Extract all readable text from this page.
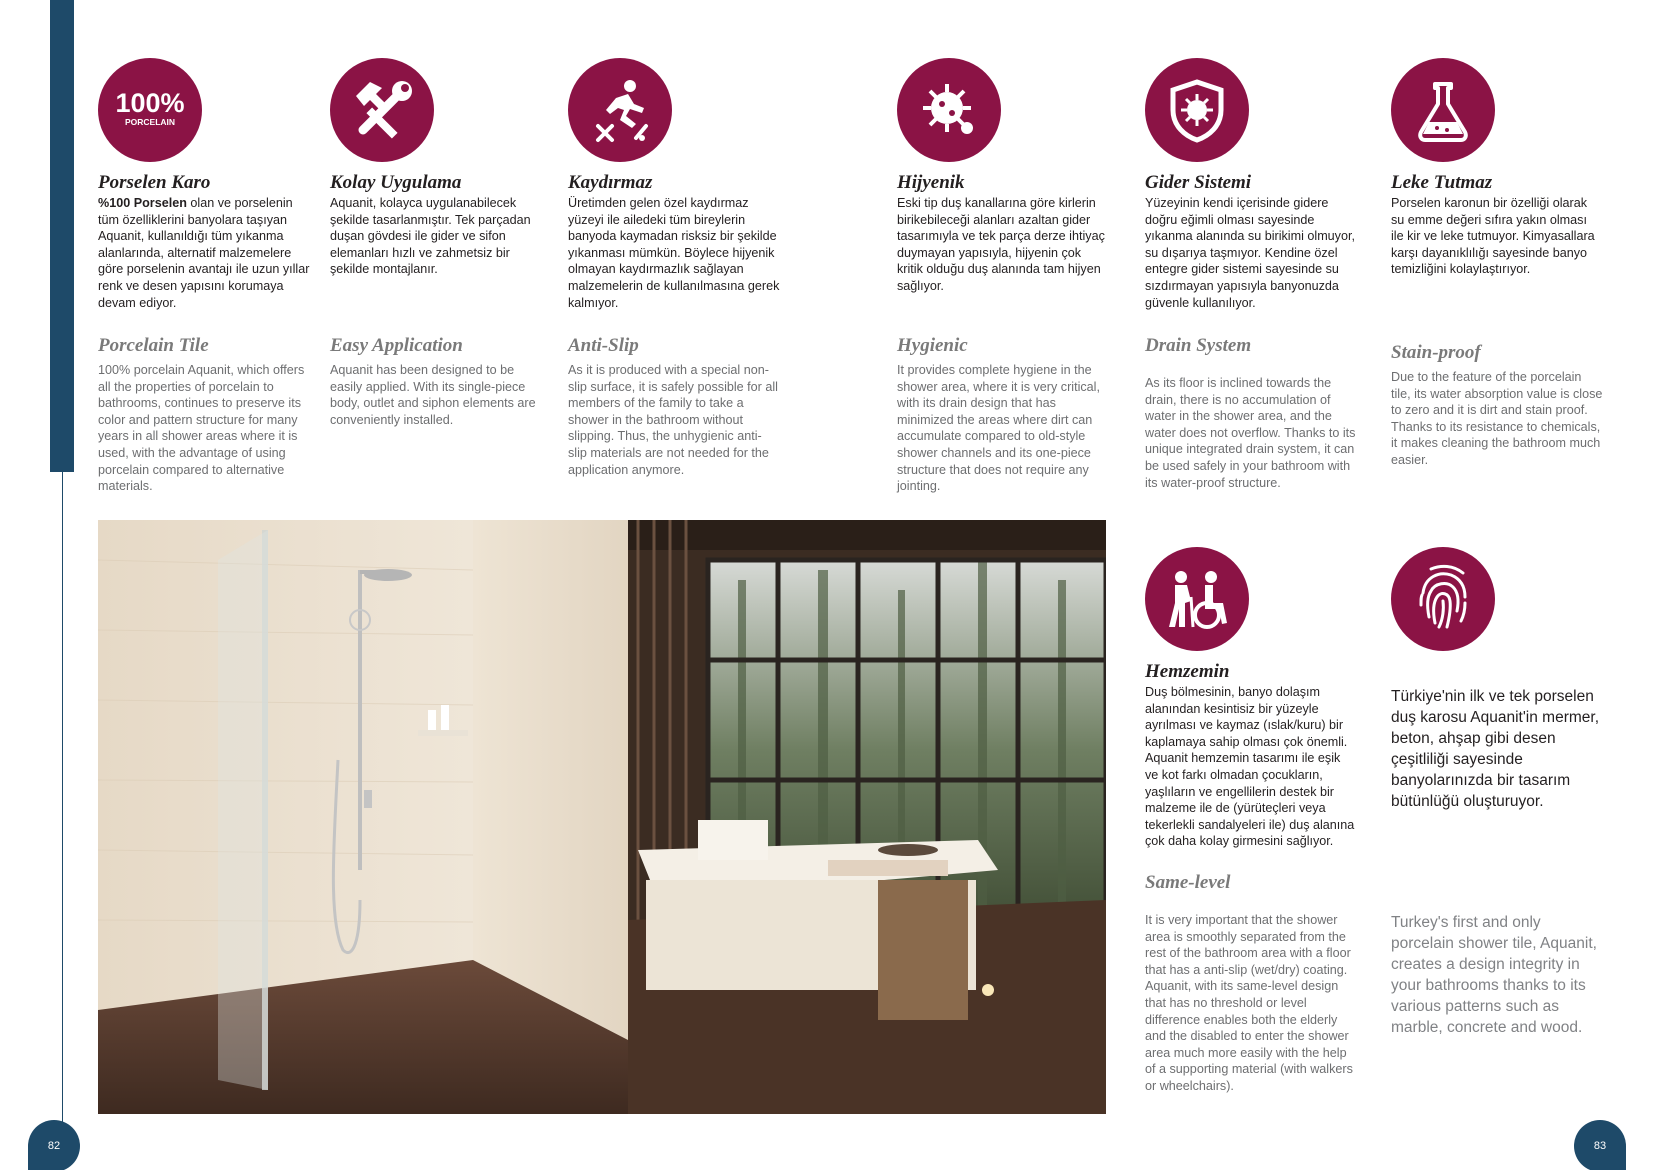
100%
PORCELAIN
Porselen Karo
%100 Porselen olan ve porselenin tüm özelliklerini banyolara taşıyan Aquanit, kullanıldığı tüm yıkanma alanlarında, alternatif malzemelere göre porselenin avantajı ile uzun yıllar renk ve desen yapısını korumaya devam ediyor.
Porcelain Tile
100% porcelain Aquanit, which offers all the properties of porcelain to bathrooms, continues to preserve its color and pattern structure for many years in all shower areas where it is used, with the advantage of using porcelain compared to alternative materials.
Kolay Uygulama
Aquanit, kolayca uygulanabilecek şekilde tasarlanmıştır. Tek parçadan duşan gövdesi ile gider ve sifon elemanları hızlı ve zahmetsiz bir şekilde montajlanır.
Easy Application
Aquanit has been designed to be easily applied. With its single-piece body, outlet and siphon elements are conveniently installed.
Kaydırmaz
Üretimden gelen özel kaydırmaz yüzeyi ile ailedeki tüm bireylerin banyoda kaymadan risksiz bir şekilde yıkanması mümkün. Böylece hijyenik olmayan kaydırmazlık sağlayan malzemelerin de kullanılmasına gerek kalmıyor.
Anti-Slip
As it is produced with a special non-slip surface, it is safely possible for all members of the family to take a shower in the bathroom without slipping. Thus, the unhygienic anti-slip materials are not needed for the application anymore.
Hijyenik
Eski tip duş kanallarına göre kirlerin birikebileceği alanları azaltan gider tasarımıyla ve tek parça derze ihtiyaç duymayan yapısıyla, hijyenin çok kritik olduğu duş alanında tam hijyen sağlıyor.
Hygienic
It provides complete hygiene in the shower area, where it is very critical, with its drain design that has minimized the areas where dirt can accumulate compared to old-style shower channels and its one-piece structure that does not require any jointing.
Gider Sistemi
Yüzeyinin kendi içerisinde gidere doğru eğimli olması sayesinde yıkanma alanında su birikimi olmuyor, su dışarıya taşmıyor. Kendine özel entegre gider sistemi sayesinde su sızdırmayan yapısıyla banyonuzda güvenle kullanılıyor.
Drain System
As its floor is inclined towards the drain, there is no accumulation of water in the shower area, and the water does not overflow. Thanks to its unique integrated drain system, it can be used safely in your bathroom with its water-proof structure.
Leke Tutmaz
Porselen karonun bir özelliği olarak su emme değeri sıfıra yakın olması ile kir ve leke tutmuyor. Kimyasallara karşı dayanıklılığı sayesinde banyo temizliğini kolaylaştırıyor.
Stain-proof
Due to the feature of the porcelain tile, its water absorption value is close to zero and it is dirt and stain proof. Thanks to its resistance to chemicals, it makes cleaning the bathroom much easier.
Hemzemin
Duş bölmesinin, banyo dolaşım alanından kesintisiz bir yüzeyle ayrılması ve kaymaz (ıslak/kuru) bir kaplamaya sahip olması çok önemli. Aquanit hemzemin tasarımı ile eşik ve kot farkı olmadan çocukların, yaşlıların ve engellilerin destek bir malzeme ile de (yürüteçleri veya tekerlekli sandalyeleri ile) duş alanına çok daha kolay girmesini sağlıyor.
Same-level
It is very important that the shower area is smoothly separated from the rest of the bathroom area with a floor that has a anti-slip (wet/dry) coating. Aquanit, with its same-level design that has no threshold or level difference enables both the elderly and the disabled to enter the shower area much more easily with the help of a supporting material (with walkers or wheelchairs).
Türkiye'nin ilk ve tek porselen duş karosu Aquanit'in mermer, beton, ahşap gibi desen çeşitliliği sayesinde banyolarınızda bir tasarım bütünlüğü oluşturuyor.
Turkey's first and only porcelain shower tile, Aquanit, creates a design integrity in your bathrooms thanks to its various patterns such as marble, concrete and wood.
82	83
